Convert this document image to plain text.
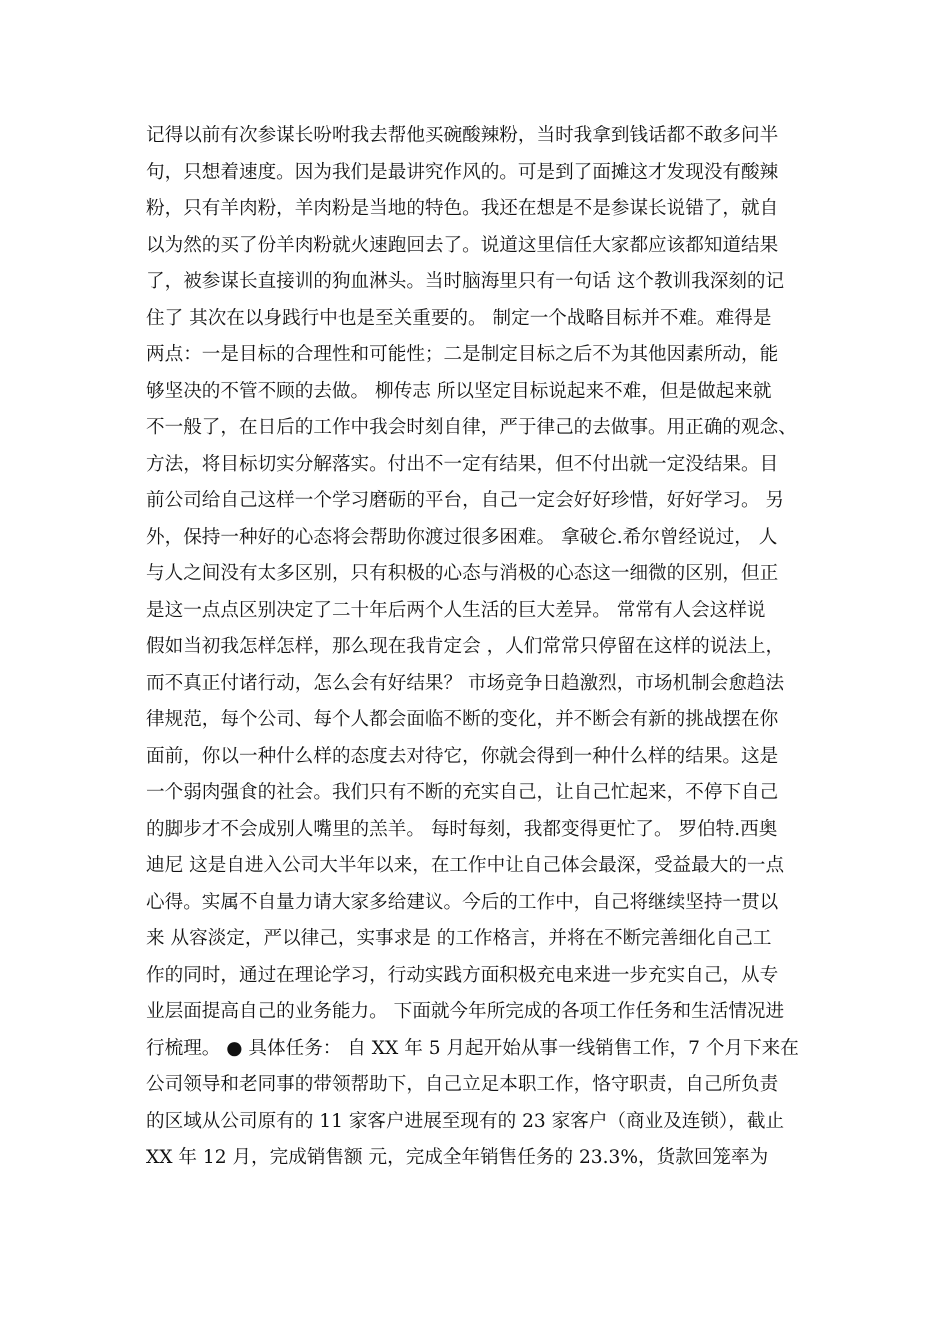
记得以前有次参谋长吩咐我去帮他买碗酸辣粉，当时我拿到钱话都不敢多问半
句，只想着速度。因为我们是最讲究作风的。可是到了面摊这才发现没有酸辣
粉，只有羊肉粉，羊肉粉是当地的特色。我还在想是不是参谋长说错了，就自
以为然的买了份羊肉粉就火速跑回去了。说道这里信任大家都应该都知道结果
了，被参谋长直接训的狗血淋头。当时脑海里只有一句话 这个教训我深刻的记
住了 其次在以身践行中也是至关重要的。 制定一个战略目标并不难。难得是
两点：一是目标的合理性和可能性；二是制定目标之后不为其他因素所动，能
够坚决的不管不顾的去做。 柳传志 所以坚定目标说起来不难，但是做起来就
不一般了，在日后的工作中我会时刻自律，严于律己的去做事。用正确的观念、
方法，将目标切实分解落实。付出不一定有结果，但不付出就一定没结果。目
前公司给自己这样一个学习磨砺的平台，自己一定会好好珍惜，好好学习。 另
外，保持一种好的心态将会帮助你渡过很多困难。 拿破仑.希尔曾经说过， 人
与人之间没有太多区别，只有积极的心态与消极的心态这一细微的区别，但正
是这一点点区别决定了二十年后两个人生活的巨大差异。 常常有人会这样说
假如当初我怎样怎样，那么现在我肯定会 ，人们常常只停留在这样的说法上，
而不真正付诸行动，怎么会有好结果？ 市场竞争日趋激烈，市场机制会愈趋法
律规范，每个公司、每个人都会面临不断的变化，并不断会有新的挑战摆在你
面前，你以一种什么样的态度去对待它，你就会得到一种什么样的结果。这是
一个弱肉强食的社会。我们只有不断的充实自己，让自己忙起来，不停下自己
的脚步才不会成别人嘴里的羔羊。 每时每刻，我都变得更忙了。 罗伯特.西奥
迪尼 这是自进入公司大半年以来，在工作中让自己体会最深，受益最大的一点
心得。实属不自量力请大家多给建议。今后的工作中，自己将继续坚持一贯以
来 从容淡定，严以律己，实事求是 的工作格言，并将在不断完善细化自己工
作的同时，通过在理论学习，行动实践方面积极充电来进一步充实自己，从专
业层面提高自己的业务能力。 下面就今年所完成的各项工作任务和生活情况进
行梳理。 ● 具体任务： 自 XX 年 5 月起开始从事一线销售工作，7 个月下来在
公司领导和老同事的带领帮助下，自己立足本职工作，恪守职责，自己所负责
的区域从公司原有的 11 家客户进展至现有的 23 家客户（商业及连锁），截止
XX 年 12 月，完成销售额 元，完成全年销售任务的 23.3%，货款回笼率为
